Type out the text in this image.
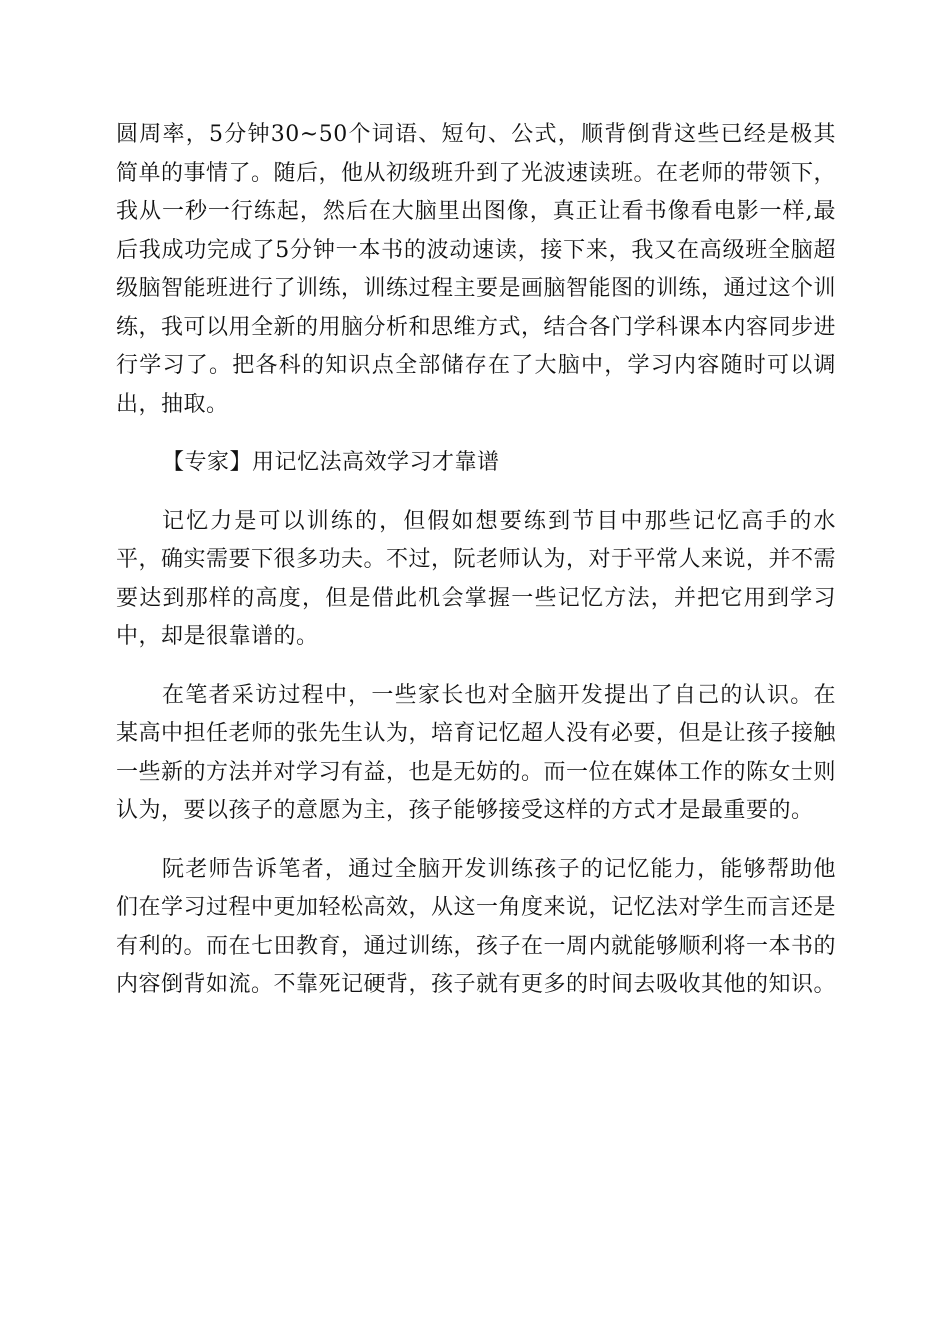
圆周率，5分钟30~50个词语、短句、公式，顺背倒背这些已经是极其简单的事情了。随后，他从初级班升到了光波速读班。在老师的带领下，我从一秒一行练起，然后在大脑里出图像，真正让看书像看电影一样,最后我成功完成了5分钟一本书的波动速读，接下来，我又在高级班全脑超级脑智能班进行了训练，训练过程主要是画脑智能图的训练，通过这个训练，我可以用全新的用脑分析和思维方式，结合各门学科课本内容同步进行学习了。把各科的知识点全部储存在了大脑中，学习内容随时可以调出，抽取。

【专家】用记忆法高效学习才靠谱

记忆力是可以训练的，但假如想要练到节目中那些记忆高手的水平，确实需要下很多功夫。不过，阮老师认为，对于平常人来说，并不需要达到那样的高度，但是借此机会掌握一些记忆方法，并把它用到学习中，却是很靠谱的。

在笔者采访过程中，一些家长也对全脑开发提出了自己的认识。在某高中担任老师的张先生认为，培育记忆超人没有必要，但是让孩子接触一些新的方法并对学习有益，也是无妨的。而一位在媒体工作的陈女士则认为，要以孩子的意愿为主，孩子能够接受这样的方式才是最重要的。

阮老师告诉笔者，通过全脑开发训练孩子的记忆能力，能够帮助他们在学习过程中更加轻松高效，从这一角度来说，记忆法对学生而言还是有利的。而在七田教育，通过训练，孩子在一周内就能够顺利将一本书的内容倒背如流。不靠死记硬背，孩子就有更多的时间去吸收其他的知识。
